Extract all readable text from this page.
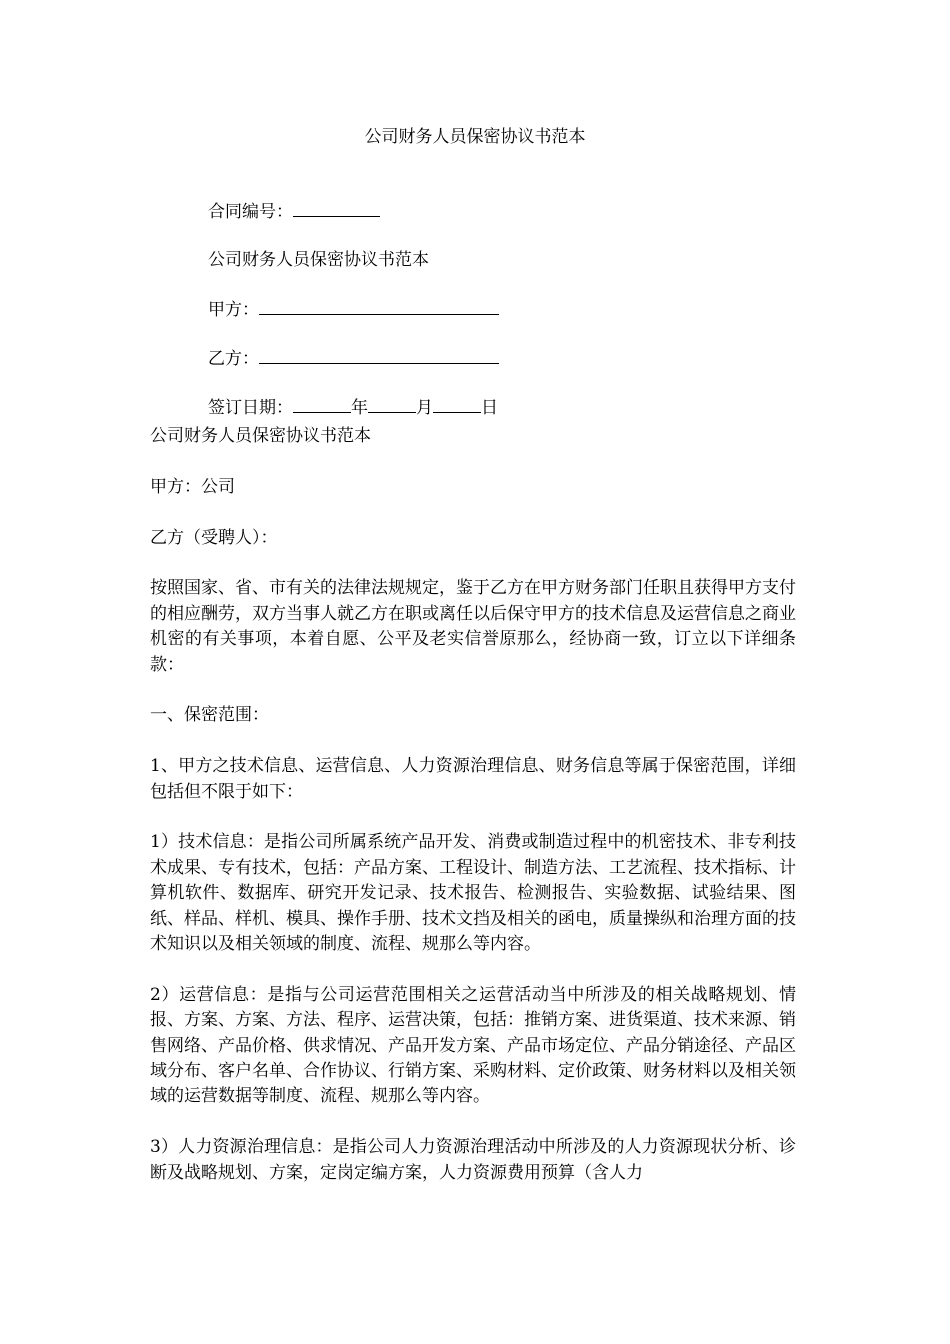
公司财务人员保密协议书范本
合同编号：
公司财务人员保密协议书范本
甲方：
乙方：
签订日期：	年	月	日

公司财务人员保密协议书范本

甲方：公司

乙方（受聘人）：

按照国家、省、市有关的法律法规规定，鉴于乙方在甲方财务部门任职且获得甲方支付的相应酬劳，双方当事人就乙方在职或离任以后保守甲方的技术信息及运营信息之商业机密的有关事项，本着自愿、公平及老实信誉原那么，经协商一致，订立以下详细条款：

一、保密范围：

1、甲方之技术信息、运营信息、人力资源治理信息、财务信息等属于保密范围，详细包括但不限于如下：

1）技术信息：是指公司所属系统产品开发、消费或制造过程中的机密技术、非专利技术成果、专有技术，包括：产品方案、工程设计、制造方法、工艺流程、技术指标、计算机软件、数据库、研究开发记录、技术报告、检测报告、实验数据、试验结果、图纸、样品、样机、模具、操作手册、技术文挡及相关的函电，质量操纵和治理方面的技术知识以及相关领域的制度、流程、规那么等内容。

2）运营信息：是指与公司运营范围相关之运营活动当中所涉及的相关战略规划、情报、方案、方案、方法、程序、运营决策，包括：推销方案、进货渠道、技术来源、销售网络、产品价格、供求情况、产品开发方案、产品市场定位、产品分销途径、产品区域分布、客户名单、合作协议、行销方案、采购材料、定价政策、财务材料以及相关领域的运营数据等制度、流程、规那么等内容。

3）人力资源治理信息：是指公司人力资源治理活动中所涉及的人力资源现状分析、诊断及战略规划、方案，定岗定编方案，人力资源费用预算（含人力
